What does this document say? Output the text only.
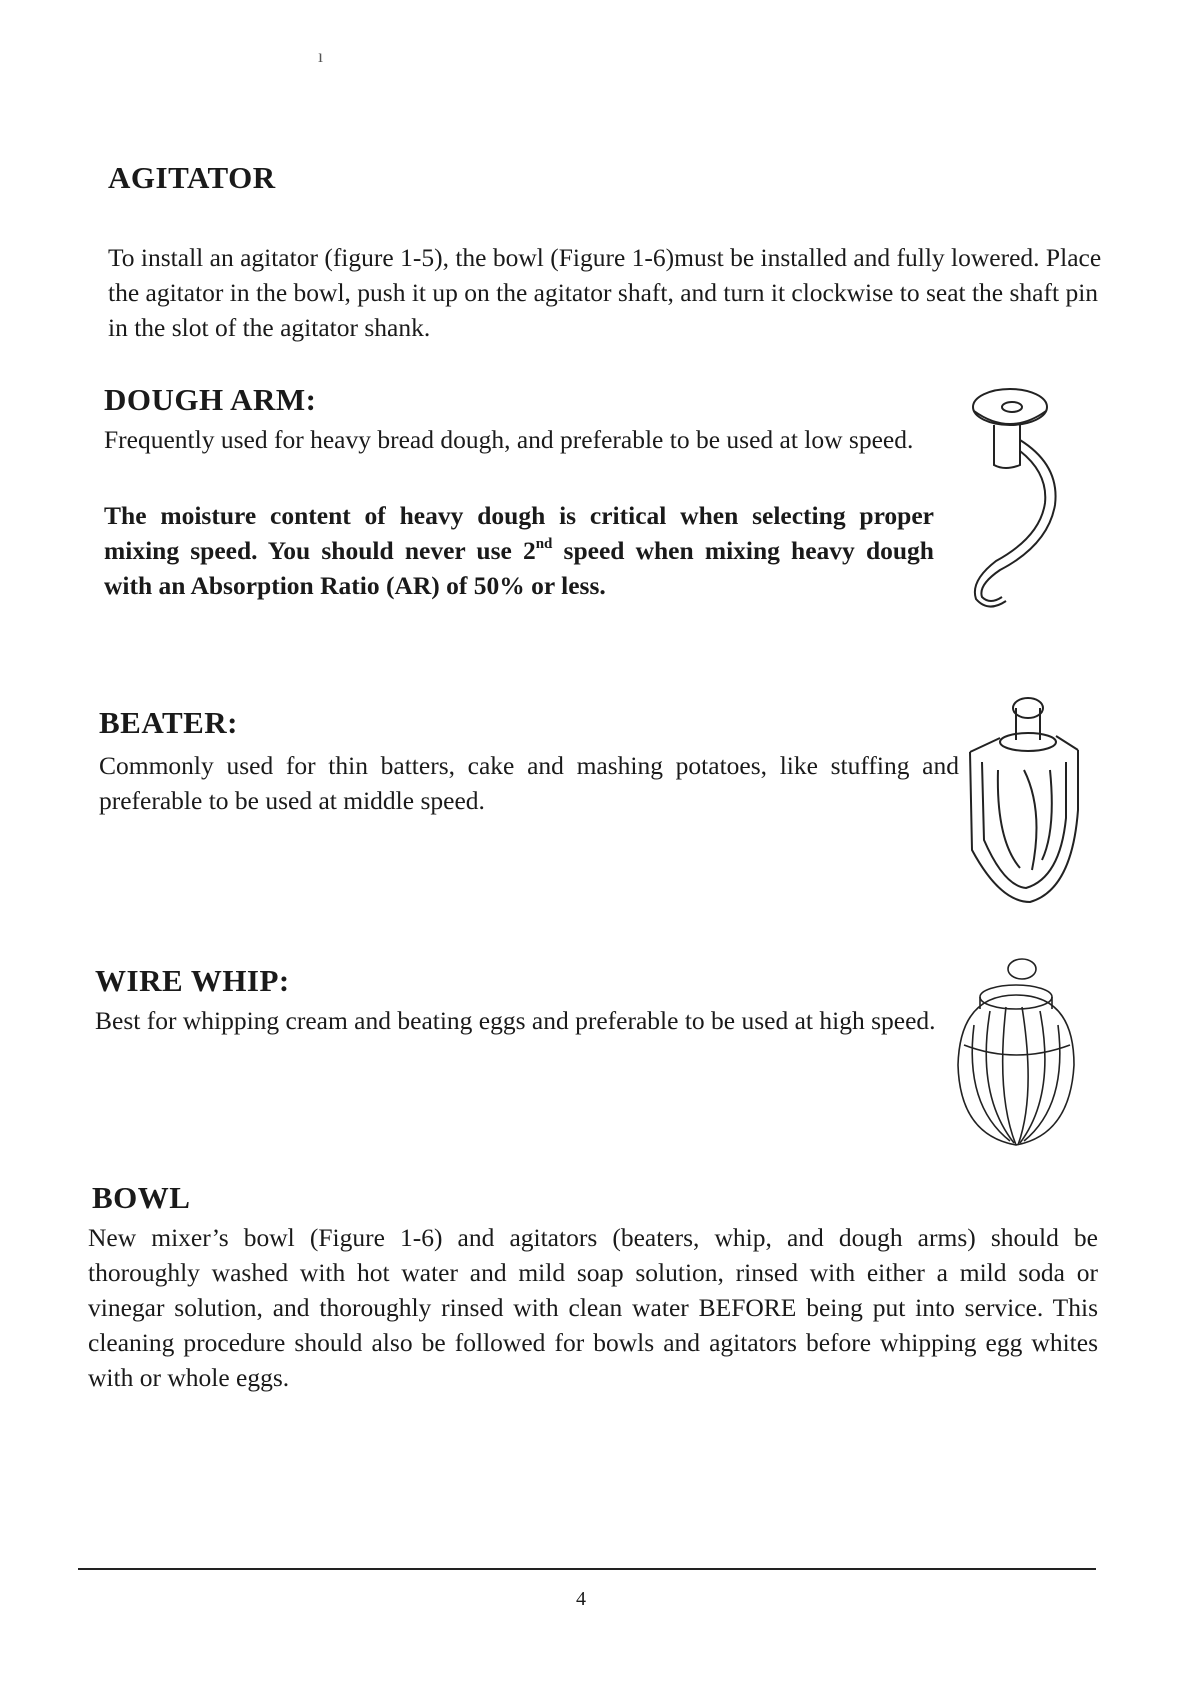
ı
AGITATOR

To install an agitator (figure 1-5), the bowl (Figure 1-6)must be installed and fully lowered. Place the agitator in the bowl, push it up on the agitator shaft, and turn it clockwise to seat the shaft pin in the slot of the agitator shank.

DOUGH ARM:

Frequently used for heavy bread dough, and preferable to be used at low speed.

The moisture content of heavy dough is critical when selecting proper mixing speed. You should never use 2nd speed when mixing heavy dough with an Absorption Ratio (AR) of 50% or less.

BEATER:

Commonly used for thin batters, cake and mashing potatoes, like stuffing and preferable to be used at middle speed.

WIRE WHIP:

Best for whipping cream and beating eggs and preferable to be used at high speed.

BOWL

New mixer’s bowl (Figure 1-6) and agitators (beaters, whip, and dough arms) should be thoroughly washed with hot water and mild soap solution, rinsed with either a mild soda or vinegar solution, and thoroughly rinsed with clean water BEFORE being put into service. This cleaning procedure should also be followed for bowls and agitators before whipping egg whites with or whole eggs.

4
